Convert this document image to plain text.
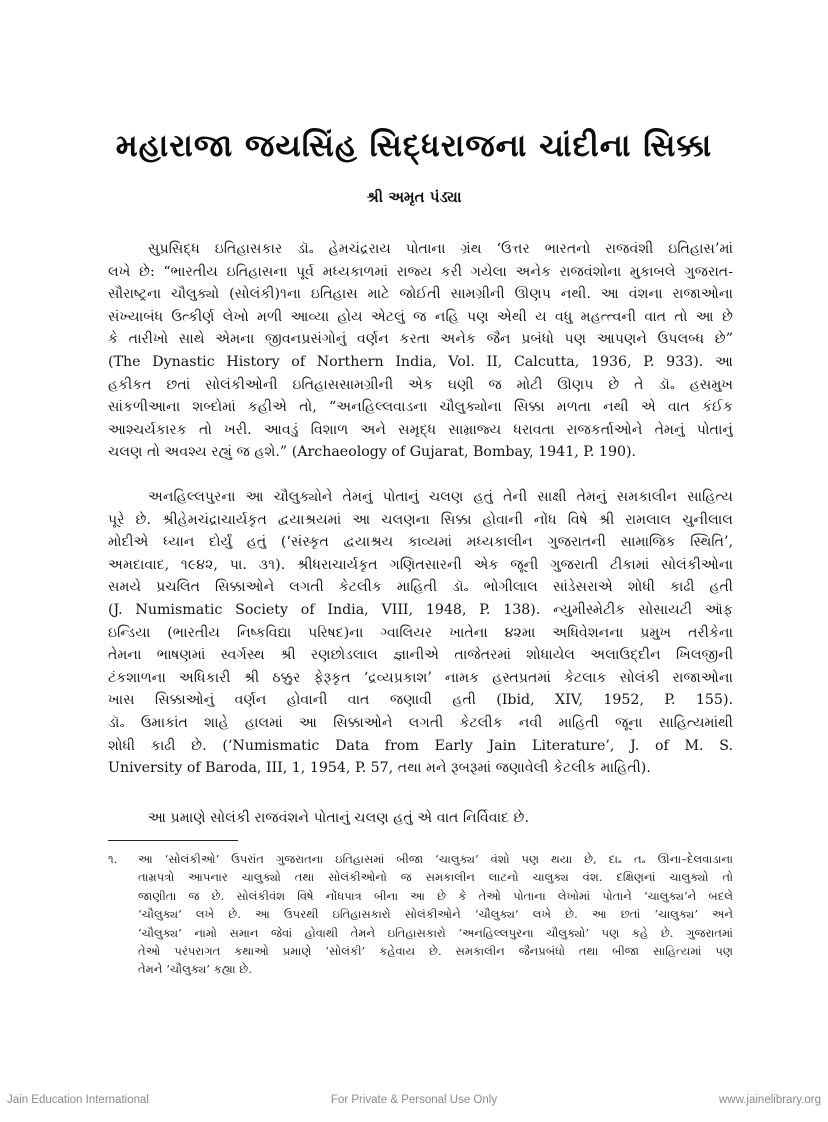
મહારાજા જયસિંહ સિદ્ધરાજના ચાંદીના સિક્કા
શ્રી અમૃત પંડ્યા
સુપ્રસિદ્ધ ઇતિહાસકાર ડૉ૰ હેમચંદ્રરાય પોતાના ગ્રંથ ‘ઉત્તર ભારતનો રાજવંશી ઇતિહાસ’માં
લખે છે: “ભારતીય ઇતિહાસના પૂર્વ મધ્યકાળમાં રાજ્ય કરી ગયેલા અનેક રાજવંશોના મુકાબલે ગુજરાત-
સૌરાષ્ટ્રના ચૌલુક્યો (સોલંકી)૧ના ઇતિહાસ માટે જોઈતી સામગ્રીની ઊણપ નથી. આ વંશના રાજાઓના
સંખ્યાબંધ ઉત્કીર્ણ લેખો મળી આવ્યા હોય એટલું જ નહિ પણ એથી ય વધુ મહત્ત્વની વાત તો આ છે
કે તારીખો સાથે એમના જીવનપ્રસંગોનું વર્ણન કરતા અનેક જૈન પ્રબંધો પણ આપણને ઉપલબ્ધ છે”
(The Dynastic History of Northern India, Vol. II, Calcutta, 1936, P. 933). આ
હકીકત છતાં સોલંકીઓની ઇતિહાસસામગ્રીની એક ઘણી જ મોટી ઊણપ છે તે ડૉ૰ હસમુખ
સાંકળીઆના શબ્દોમાં કહીએ તો, “અનહિલ્લવાડના ચૌલુક્યોના સિક્કા મળતા નથી એ વાત કંઈક
આશ્ચર્યકારક તો ખરી. આવડું વિશાળ અને સમૃદ્ધ સામ્રાજ્ય ધરાવતા રાજકર્તાઓને તેમનું પોતાનું
ચલણ તો અવશ્ય રહ્યું જ હશે.” (Archaeology of Gujarat, Bombay, 1941, P. 190).
અનહિલ્લપુરના આ ચૌલુક્યોને તેમનું પોતાનું ચલણ હતું તેની સાક્ષી તેમનું સમકાલીન સાહિત્ય
પૂરે છે. શ્રીહેમચંદ્રાચાર્યકૃત દ્વયાશ્રયમાં આ ચલણના સિક્કા હોવાની નોંધ વિષે શ્રી રામલાલ ચુનીલાલ
મોદીએ ધ્યાન દોર્યું હતું (‘સંસ્કૃત દ્વયાશ્રય કાવ્યમાં મધ્યકાલીન ગુજરાતની સામાજિક સ્થિતિ’,
અમદાવાદ, ૧૯૪૨, પા. ૩૧). શ્રીધરાચાર્યકૃત ગણિતસારની એક જૂની ગુજરાતી ટીકામાં સોલંકીઓના
સમયે પ્રચલિત સિક્કાઓને લગતી કેટલીક માહિતી ડૉ૰ ભોગીલાલ સાંડેસરાએ શોધી કાઢી હતી
(J. Numismatic Society of India, VIII, 1948, P. 138). ન્યુમીસ્મેટીક સોસાયટી ઑફ
ઇન્ડિયા (ભારતીય નિષ્કવિદ્યા પરિષદ)ના ગ્વાલિયર ખાતેના ૪૨મા અધિવેશનના પ્રમુખ તરીકેના
તેમના ભાષણમાં સ્વર્ગસ્થ શ્રી રણછોડલાલ જ્ઞાનીએ તાજેતરમાં શોધાયેલ અલાઉદ્દીન ખિલજીની
ટંકશાળના અધિકારી શ્રી ઠક્કુર ફેરૂકૃત ‘દ્રવ્યપ્રકાશ’ નામક હસ્તપ્રતમાં કેટલાક સોલંકી રાજાઓના
ખાસ સિક્કાઓનું વર્ણન હોવાની વાત જણાવી હતી (Ibid, XIV, 1952, P. 155).
ડૉ૰ ઉમાકાંત શાહે હાલમાં આ સિક્કાઓને લગતી કેટલીક નવી માહિતી જૂના સાહિત્યમાંથી
શોધી કાઢી છે. (‘Numismatic Data from Early Jain Literature’, J. of M. S.
University of Baroda, III, 1, 1954, P. 57, તથા મને રૂબરૂમાં જણાવેલી કેટલીક માહિતી).
આ પ્રમાણે સોલંકી રાજવંશને પોતાનું ચલણ હતું એ વાત નિર્વિવાદ છે.
૧. આ ‘સોલંકીઓ’ ઉપરાંત ગુજરાતના ઇતિહાસમાં બીજા ‘ચાલુક્ય’ વંશો પણ થયા છે, દા૰ ત૰ ઊના–દેલવાડાના
તામ્રપત્રો આપનાર ચાલુક્યો તથા સોલંકીઓનો જ સમકાલીન લાટનો ચાલુક્ય વંશ. દક્ષિણનાં ચાલુક્યો તો
જાણીતા જ છે. સોલંકીવંશ વિષે નોંધપાત્ર બીના આ છે કે તેઓ પોતાના લેખોમાં પોતાને ‘ચાલુક્ય’ને બદલે
‘ચૌલુક્ય’ લખે છે. આ ઉપરથી ઇતિહાસકારો સોલંકીઓને ‘ચૌલુક્ય’ લખે છે. આ છતાં ‘ચાલુક્ય’ અને
‘ચૌલુક્ય’ નામો સમાન જેવાં હોવાથી તેમને ઇતિહાસકારો ‘અનહિલ્લપુરના ચૌલુક્યો’ પણ કહે છે. ગુજરાતમાં
તેઓ પરંપરાગત કથાઓ પ્રમાણે ‘સોલંકી’ કહેવાય છે. સમકાલીન જૈનપ્રબંધો તથા બીજા સાહિત્યમાં પણ
તેમને ‘ચૌલુક્ય’ કહ્યા છે.
Jain Education International	For Private & Personal Use Only	www.jainelibrary.org
